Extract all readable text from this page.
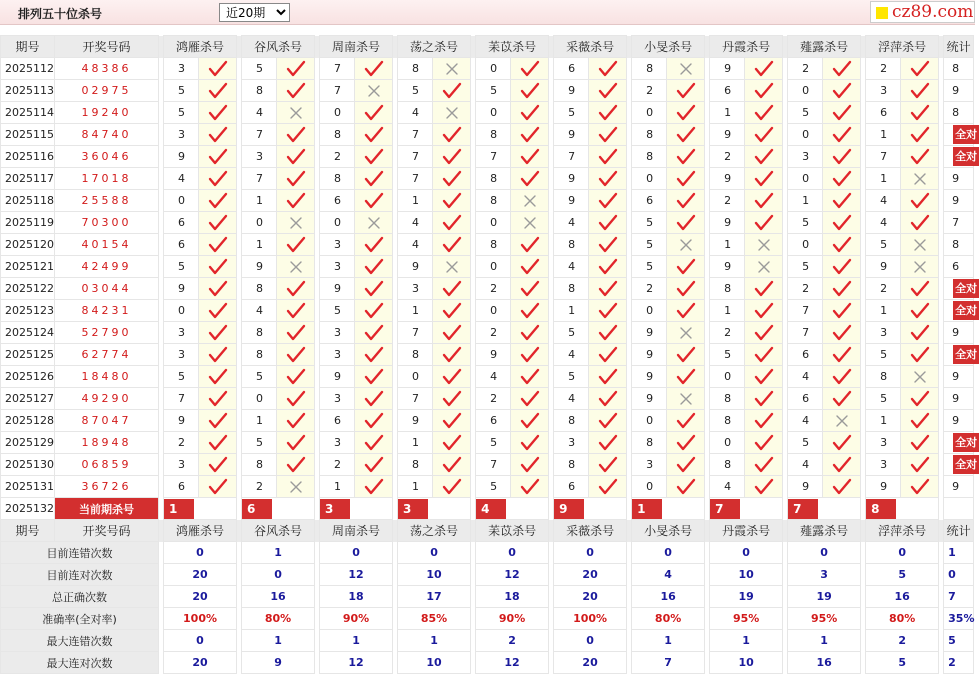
排列五十位杀号
近20期	cz89.com
期号	开奖号码		鸿雁杀号			谷风杀号			周南杀号			荡之杀号			苿苡杀号			采薇杀号			小旻杀号			丹霞杀号			薤露杀号			浮萍杀号			统计
2025112	48386		3			5			7			8			0			6			8			9			2			2			8
2025113	02975		5			8			7			5			5			9			2			6			0			3			9
2025114	19240		5			4			0			4			0			5			0			1			5			6			8
2025115	84740		3			7			8			7			8			9			8			9			0			1			全对
2025116	36046		9			3			2			7			7			7			8			2			3			7			全对
2025117	17018		4			7			8			7			8			9			0			9			0			1			9
2025118	25588		0			1			6			1			8			9			6			2			1			4			9
2025119	70300		6			0			0			4			0			4			5			9			5			4			7
2025120	40154		6			1			3			4			8			8			5			1			0			5			8
2025121	42499		5			9			3			9			0			4			5			9			5			9			6
2025122	03044		9			8			9			3			2			8			2			8			2			2			全对
2025123	84231		0			4			5			1			0			1			0			1			7			1			全对
2025124	52790		3			8			3			7			2			5			9			2			7			3			9
2025125	62774		3			8			3			8			9			4			9			5			6			5			全对
2025126	18480		5			5			9			0			4			5			9			0			4			8			9
2025127	49290		7			0			3			7			2			4			9			8			6			5			9
2025128	87047		9			1			6			9			6			8			0			8			4			1			9
2025129	18948		2			5			3			1			5			3			8			0			5			3			全对
2025130	06859		3			8			2			8			7			8			3			8			4			3			全对
2025131	36726		6			2			1			1			5			6			0			4			9			9			9
2025132	当前期杀号		1			6			3			3			4			9			1			7			7			8			
期号	开奖号码		鸿雁杀号			谷风杀号			周南杀号			荡之杀号			苿苡杀号			采薇杀号			小旻杀号			丹霞杀号			薤露杀号			浮萍杀号			统计
目前连错次数			0			1			0			0			0			0			0			0			0			0			1
目前连对次数			20			0			12			10			12			20			4			10			3			5			0
总正确次数			20			16			18			17			18			20			16			19			19			16			7
准确率(全对率)			100%			80%			90%			85%			90%			100%			80%			95%			95%			80%			35%
最大连错次数			0			1			1			1			2			0			1			1			1			2			5
最大连对次数			20			9			12			10			12			20			7			10			16			5			2
